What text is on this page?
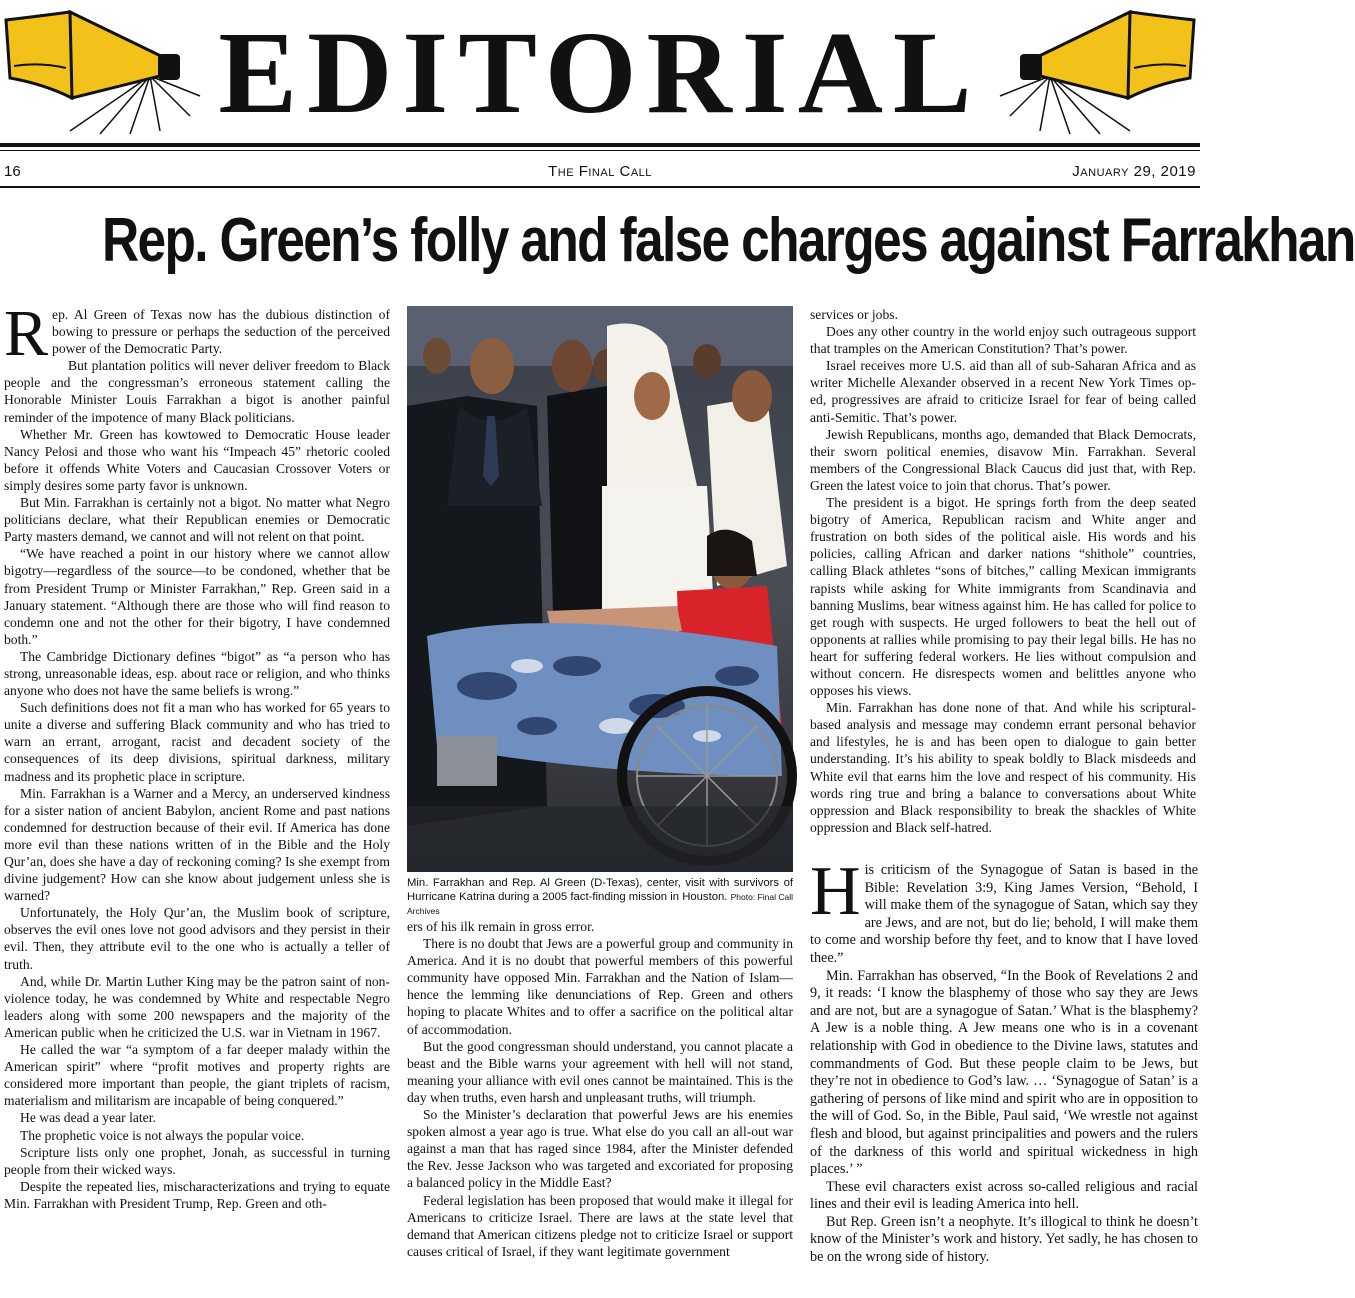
EDITORIAL
16	The Final Call	January 29, 2019
Rep. Green’s folly and false charges against Farrakhan

Rep. Al Green of Texas now has the dubious distinction of bowing to pressure or perhaps the seduction of the perceived power of the Democratic Party.

But plantation politics will never deliver freedom to Black people and the congressman’s erroneous statement calling the Honorable Minister Louis Farrakhan a bigot is another painful reminder of the impotence of many Black politicians.

Whether Mr. Green has kowtowed to Democratic House leader Nancy Pelosi and those who want his “Impeach 45” rhetoric cooled before it offends White Voters and Caucasian Crossover Voters or simply desires some party favor is unknown.

But Min. Farrakhan is certainly not a bigot. No matter what Negro politicians declare, what their Republican enemies or Democratic Party masters demand, we cannot and will not relent on that point.

“We have reached a point in our history where we cannot allow bigotry—regardless of the source—to be condoned, whether that be from President Trump or Minister Farrakhan,” Rep. Green said in a January statement. “Although there are those who will find reason to condemn one and not the other for their bigotry, I have condemned both.”

The Cambridge Dictionary defines “bigot” as “a person who has strong, unreasonable ideas, esp. about race or religion, and who thinks anyone who does not have the same beliefs is wrong.”

Such definitions does not fit a man who has worked for 65 years to unite a diverse and suffering Black community and who has tried to warn an errant, arrogant, racist and decadent society of the consequences of its deep divisions, spiritual darkness, military madness and its prophetic place in scripture.

Min. Farrakhan is a Warner and a Mercy, an underserved kindness for a sister nation of ancient Babylon, ancient Rome and past nations condemned for destruction because of their evil. If America has done more evil than these nations written of in the Bible and the Holy Qur’an, does she have a day of reckoning coming? Is she exempt from divine judgement? How can she know about judgement unless she is warned?

Unfortunately, the Holy Qur’an, the Muslim book of scripture, observes the evil ones love not good advisors and they persist in their evil. Then, they attribute evil to the one who is actually a teller of truth.

And, while Dr. Martin Luther King may be the patron saint of non-violence today, he was condemned by White and respectable Negro leaders along with some 200 newspapers and the majority of the American public when he criticized the U.S. war in Vietnam in 1967.

He called the war “a symptom of a far deeper malady within the American spirit” where “profit motives and property rights are considered more important than people, the giant triplets of racism, materialism and militarism are incapable of being conquered.”

He was dead a year later.

The prophetic voice is not always the popular voice.

Scripture lists only one prophet, Jonah, as successful in turning people from their wicked ways.

Despite the repeated lies, mischaracterizations and trying to equate Min. Farrakhan with President Trump, Rep. Green and oth-

Min. Farrakhan and Rep. Al Green (D-Texas), center, visit with survivors of Hurricane Katrina during a 2005 fact-finding mission in Houston. Photo: Final Call Archives

ers of his ilk remain in gross error.

There is no doubt that Jews are a powerful group and community in America. And it is no doubt that powerful members of this powerful community have opposed Min. Farrakhan and the Nation of Islam—hence the lemming like denunciations of Rep. Green and others hoping to placate Whites and to offer a sacrifice on the political altar of accommodation.

But the good congressman should understand, you cannot placate a beast and the Bible warns your agreement with hell will not stand, meaning your alliance with evil ones cannot be maintained. This is the day when truths, even harsh and unpleasant truths, will triumph.

So the Minister’s declaration that powerful Jews are his enemies spoken almost a year ago is true. What else do you call an all-out war against a man that has raged since 1984, after the Minister defended the Rev. Jesse Jackson who was targeted and excoriated for proposing a balanced policy in the Middle East?

Federal legislation has been proposed that would make it illegal for Americans to criticize Israel. There are laws at the state level that demand that American citizens pledge not to criticize Israel or support causes critical of Israel, if they want legitimate government

services or jobs.

Does any other country in the world enjoy such outrageous support that tramples on the American Constitution? That’s power.

Israel receives more U.S. aid than all of sub-Saharan Africa and as writer Michelle Alexander observed in a recent New York Times op-ed, progressives are afraid to criticize Israel for fear of being called anti-Semitic. That’s power.

Jewish Republicans, months ago, demanded that Black Democrats, their sworn political enemies, disavow Min. Farrakhan. Several members of the Congressional Black Caucus did just that, with Rep. Green the latest voice to join that chorus. That’s power.

The president is a bigot. He springs forth from the deep seated bigotry of America, Republican racism and White anger and frustration on both sides of the political aisle. His words and his policies, calling African and darker nations “shithole” countries, calling Black athletes “sons of bitches,” calling Mexican immigrants rapists while asking for White immigrants from Scandinavia and banning Muslims, bear witness against him. He has called for police to get rough with suspects. He urged followers to beat the hell out of opponents at rallies while promising to pay their legal bills. He has no heart for suffering federal workers. He lies without compulsion and without concern. He disrespects women and belittles anyone who opposes his views.

Min. Farrakhan has done none of that. And while his scriptural-based analysis and message may condemn errant personal behavior and lifestyles, he is and has been open to dialogue to gain better understanding. It’s his ability to speak boldly to Black misdeeds and White evil that earns him the love and respect of his community. His words ring true and bring a balance to conversations about White oppression and Black responsibility to break the shackles of White oppression and Black self-hatred.

His criticism of the Synagogue of Satan is based in the Bible: Revelation 3:9, King James Version, “Behold, I will make them of the synagogue of Satan, which say they are Jews, and are not, but do lie; behold, I will make them to come and worship before thy feet, and to know that I have loved thee.”

Min. Farrakhan has observed, “In the Book of Revelations 2 and 9, it reads: ‘I know the blasphemy of those who say they are Jews and are not, but are a synagogue of Satan.’ What is the blasphemy? A Jew is a noble thing. A Jew means one who is in a covenant relationship with God in obedience to the Divine laws, statutes and commandments of God. But these people claim to be Jews, but they’re not in obedience to God’s law. … ‘Synagogue of Satan’ is a gathering of persons of like mind and spirit who are in opposition to the will of God. So, in the Bible, Paul said, ‘We wrestle not against flesh and blood, but against principalities and powers and the rulers of the darkness of this world and spiritual wickedness in high places.’ ”

These evil characters exist across so-called religious and racial lines and their evil is leading America into hell.

But Rep. Green isn’t a neophyte. It’s illogical to think he doesn’t know of the Minister’s work and history. Yet sadly, he has chosen to be on the wrong side of history.
